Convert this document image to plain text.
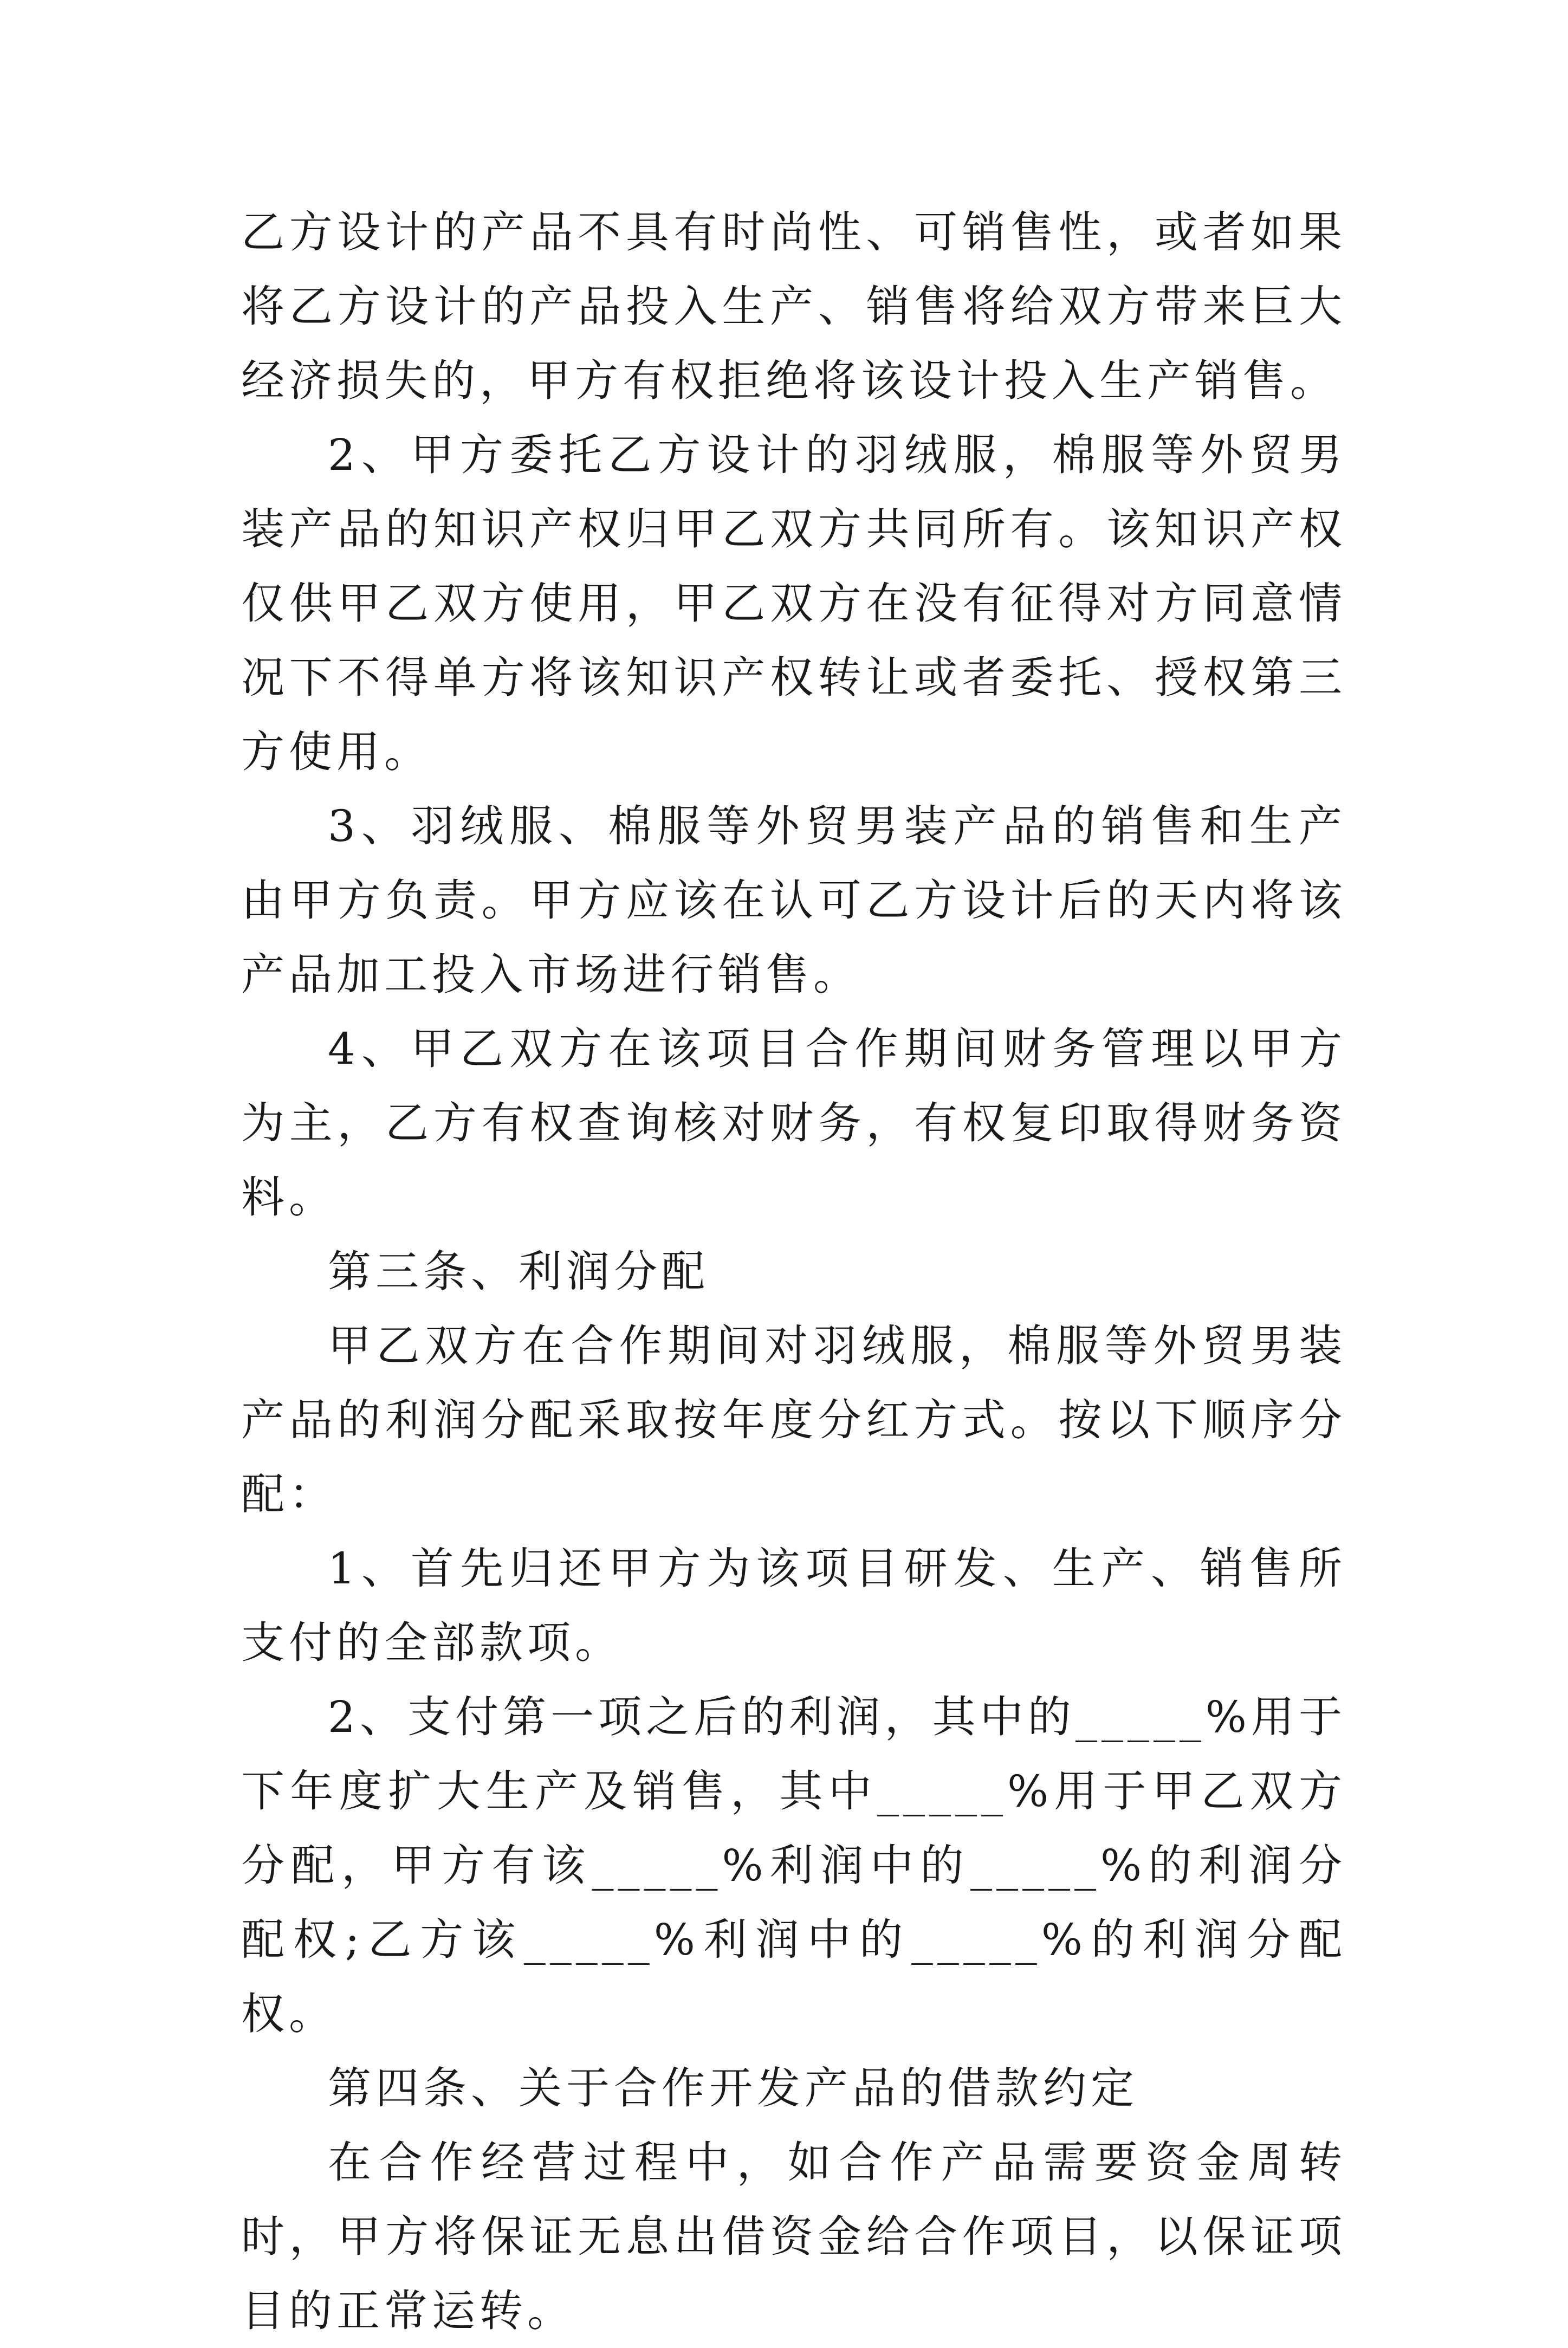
乙方设计的产品不具有时尚性、可销售性，或者如果将乙方设计的产品投入生产、销售将给双方带来巨大经济损失的，甲方有权拒绝将该设计投入生产销售。

2、甲方委托乙方设计的羽绒服，棉服等外贸男装产品的知识产权归甲乙双方共同所有。该知识产权仅供甲乙双方使用，甲乙双方在没有征得对方同意情况下不得单方将该知识产权转让或者委托、授权第三方使用。

3、羽绒服、棉服等外贸男装产品的销售和生产由甲方负责。甲方应该在认可乙方设计后的天内将该产品加工投入市场进行销售。

4、甲乙双方在该项目合作期间财务管理以甲方为主，乙方有权查询核对财务，有权复印取得财务资料。

第三条、利润分配

甲乙双方在合作期间对羽绒服，棉服等外贸男装产品的利润分配采取按年度分红方式。按以下顺序分配：

1、首先归还甲方为该项目研发、生产、销售所支付的全部款项。

2、支付第一项之后的利润，其中的_____%用于下年度扩大生产及销售，其中_____%用于甲乙双方分配，甲方有该_____%利润中的_____%的利润分配权;乙方该_____%利润中的_____%的利润分配权。

第四条、关于合作开发产品的借款约定

在合作经营过程中，如合作产品需要资金周转时，甲方将保证无息出借资金给合作项目，以保证项目的正常运转。
